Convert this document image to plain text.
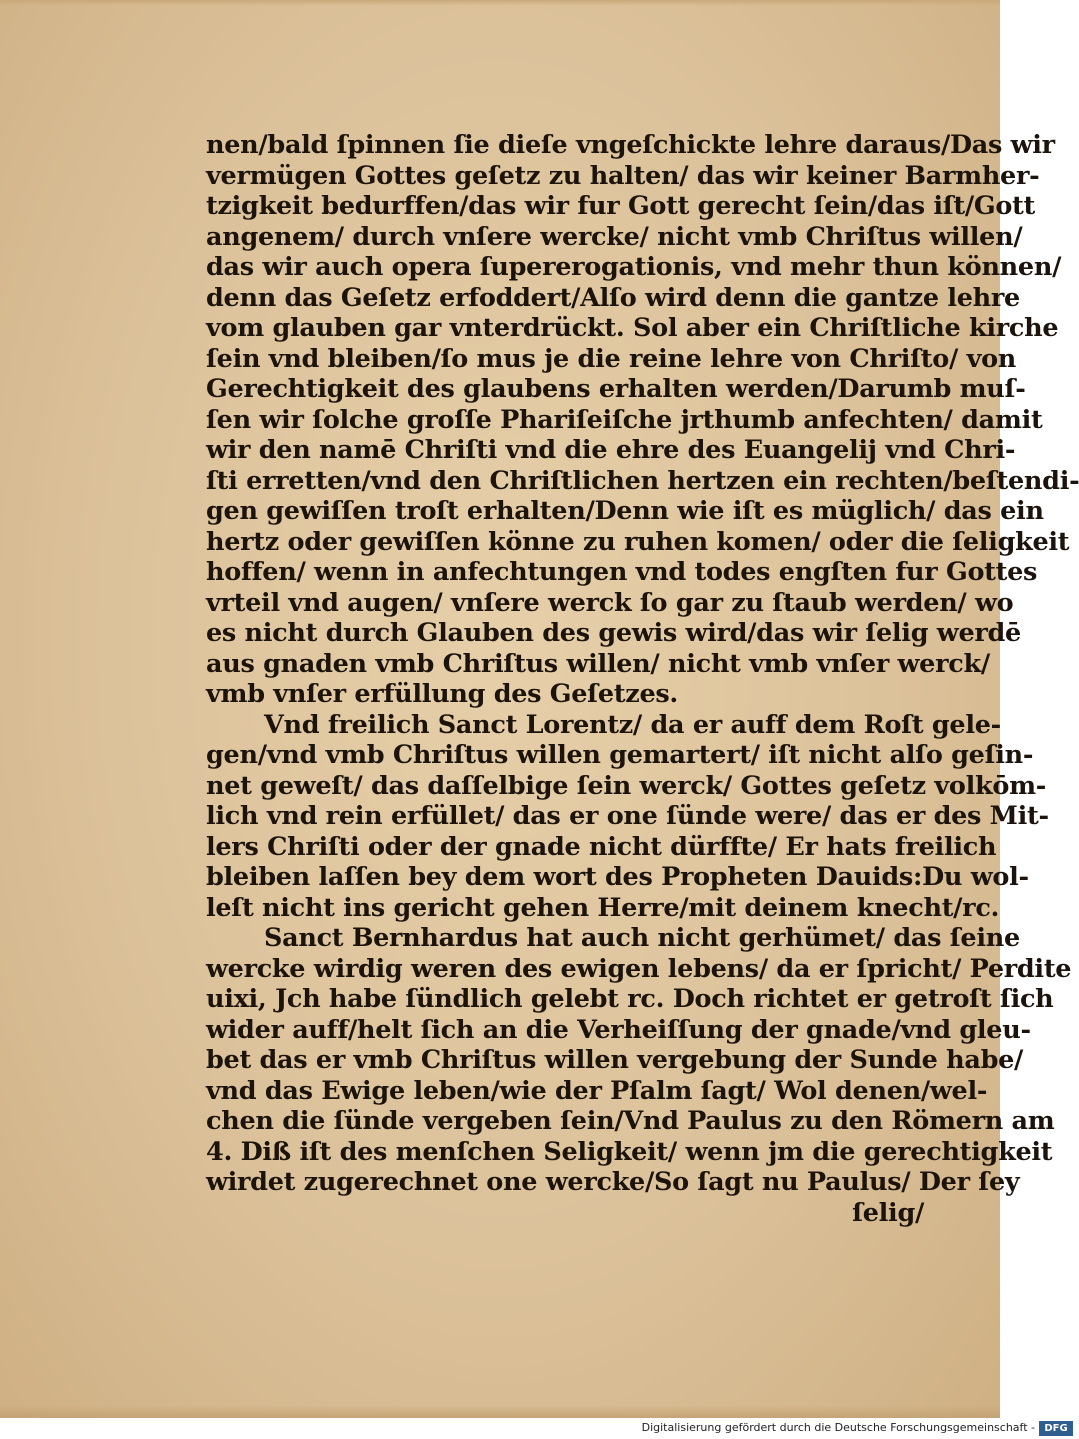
nen/bald ſpinnen ſie dieſe vngeſchickte lehre daraus/Das wir
vermügen Gottes geſetz zu halten/ das wir keiner Barmher-
tzigkeit bedurffen/das wir fur Gott gerecht ſein/das iſt/Gott
angenem/ durch vnſere wercke/ nicht vmb Chriſtus willen/
das wir auch opera ſupererogationis, vnd mehr thun können/
denn das Geſetz erfoddert/Alſo wird denn die gantze lehre
vom glauben gar vnterdrückt. Sol aber ein Chriſtliche kirche
ſein vnd bleiben/ſo mus je die reine lehre von Chriſto/ von
Gerechtigkeit des glaubens erhalten werden/Darumb muſ-
ſen wir ſolche groſſe Phariſeiſche jrthumb anfechten/ damit
wir den namē Chriſti vnd die ehre des Euangelij vnd Chri-
ſti erretten/vnd den Chriſtlichen hertzen ein rechten/beſtendi-
gen gewiſſen troſt erhalten/Denn wie iſt es müglich/ das ein
hertz oder gewiſſen könne zu ruhen komen/ oder die ſeligkeit
hoffen/ wenn in anfechtungen vnd todes engſten fur Gottes
vrteil vnd augen/ vnſere werck ſo gar zu ſtaub werden/ wo
es nicht durch Glauben des gewis wird/das wir ſelig werdē
aus gnaden vmb Chriſtus willen/ nicht vmb vnſer werck/
vmb vnſer erfüllung des Geſetzes.
Vnd freilich Sanct Lorentz/ da er auff dem Roſt gele-
gen/vnd vmb Chriſtus willen gemartert/ iſt nicht alſo geſin-
net geweſt/ das daſſelbige ſein werck/ Gottes geſetz volkōm-
lich vnd rein erfüllet/ das er one ſünde were/ das er des Mit-
lers Chriſti oder der gnade nicht dürffte/ Er hats freilich
bleiben laſſen bey dem wort des Propheten Dauids:Du wol-
leſt nicht ins gericht gehen Herre/mit deinem knecht/rc.
Sanct Bernhardus hat auch nicht gerhümet/ das ſeine
wercke wirdig weren des ewigen lebens/ da er ſpricht/ Perdite
uixi, Jch habe ſündlich gelebt rc. Doch richtet er getroſt ſich
wider auff/helt ſich an die Verheiſſung der gnade/vnd gleu-
bet das er vmb Chriſtus willen vergebung der Sunde habe/
vnd das Ewige leben/wie der Pſalm ſagt/ Wol denen/wel-
chen die ſünde vergeben ſein/Vnd Paulus zu den Römern am
4. Diß iſt des menſchen Seligkeit/ wenn jm die gerechtigkeit
wirdet zugerechnet one wercke/So ſagt nu Paulus/ Der ſey
ſelig/
Digitalisierung gefördert durch die Deutsche Forschungsgemeinschaft - DFG
